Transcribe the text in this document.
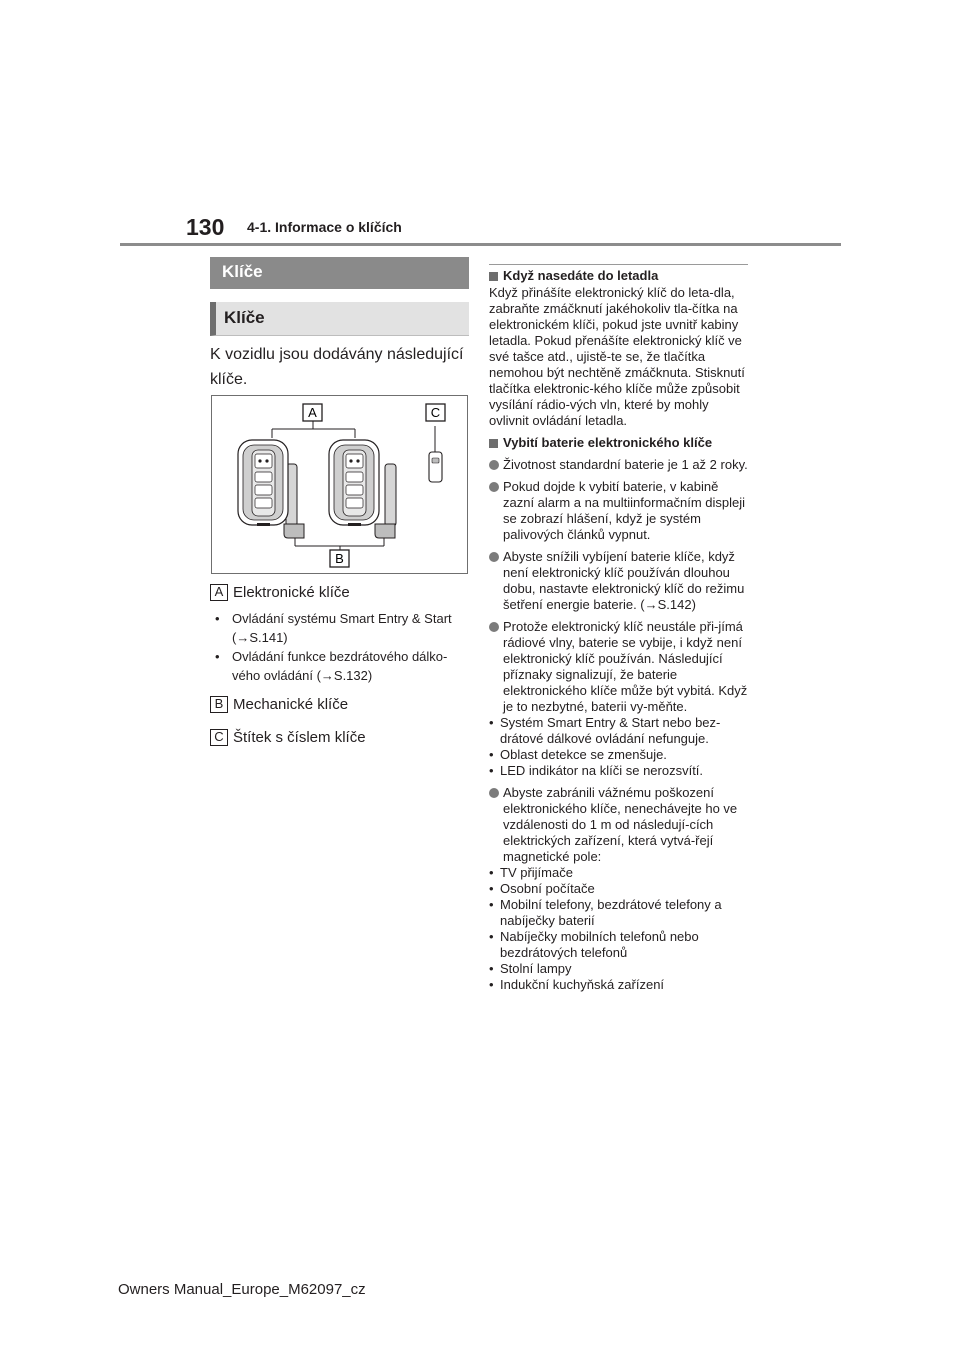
130 4-1. Informace o klíčích
Klíče
Klíče
K vozidlu jsou dodávány následující klíče.
A	C
B
A Elektronické klíče
• Ovládání systému Smart Entry & Start (→S.141)
• Ovládání funkce bezdrátového dálko-vého ovládání (→S.132)
B Mechanické klíče
C Štítek s číslem klíče
Když nasedáte do letadla
Když přinášíte elektronický klíč do leta-dla, zabraňte zmáčknutí jakéhokoliv tla-čítka na elektronickém klíči, pokud jste uvnitř kabiny letadla. Pokud přenášíte elektronický klíč ve své tašce atd., ujistě-te se, že tlačítka nemohou být nechtěně zmáčknuta. Stisknutí tlačítka elektronic-kého klíče může způsobit vysílání rádio-vých vln, které by mohly ovlivnit ovládání letadla.
Vybití baterie elektronického klíče
Životnost standardní baterie je 1 až 2 roky.
Pokud dojde k vybití baterie, v kabině zazní alarm a na multiinformačním displeji se zobrazí hlášení, když je systém palivových článků vypnut.
Abyste snížili vybíjení baterie klíče, když není elektronický klíč používán dlouhou dobu, nastavte elektronický klíč do režimu šetření energie baterie. (→S.142)
Protože elektronický klíč neustále při-jímá rádiové vlny, baterie se vybije, i když není elektronický klíč používán. Následující příznaky signalizují, že baterie elektronického klíče může být vybitá. Když je to nezbytné, baterii vy-měňte.
• Systém Smart Entry & Start nebo bez-drátové dálkové ovládání nefunguje.
• Oblast detekce se zmenšuje.
• LED indikátor na klíči se nerozsvítí.
Abyste zabránili vážnému poškození elektronického klíče, nenechávejte ho ve vzdálenosti do 1 m od následují-cích elektrických zařízení, která vytvá-řejí magnetické pole:
• TV přijímače
• Osobní počítače
• Mobilní telefony, bezdrátové telefony a nabíječky baterií
• Nabíječky mobilních telefonů nebo bezdrátových telefonů
• Stolní lampy
• Indukční kuchyňská zařízení
Owners Manual_Europe_M62097_cz
